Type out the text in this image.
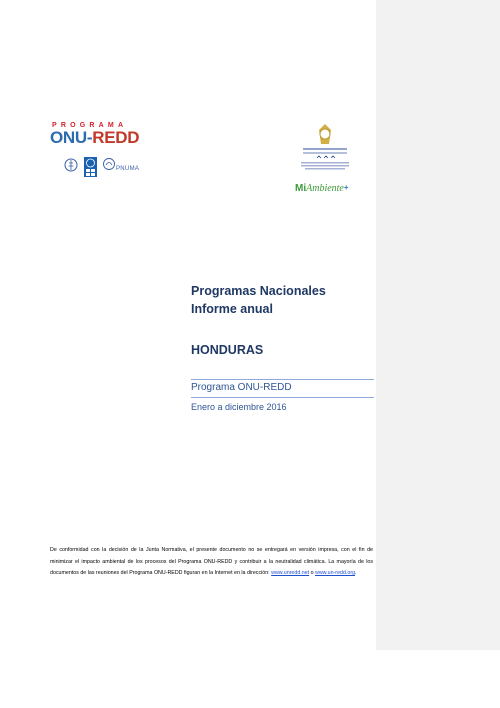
PROGRAMA
ONU-REDD
PNUMA
MiAmbiente+
Programas Nacionales
Informe anual
HONDURAS
Programa ONU-REDD
Enero a diciembre 2016
De conformidad con la decisión de la Junta Normativa, el presente documento no se entregará en versión impresa, con el fin de minimizar el impacto ambiental de los procesos del Programa ONU-REDD y contribuir a la neutralidad climática. La mayoría de los documentos de las reuniones del Programa ONU-REDD figuran en la Internet en la dirección: www.unredd.net o www.un-redd.org.
